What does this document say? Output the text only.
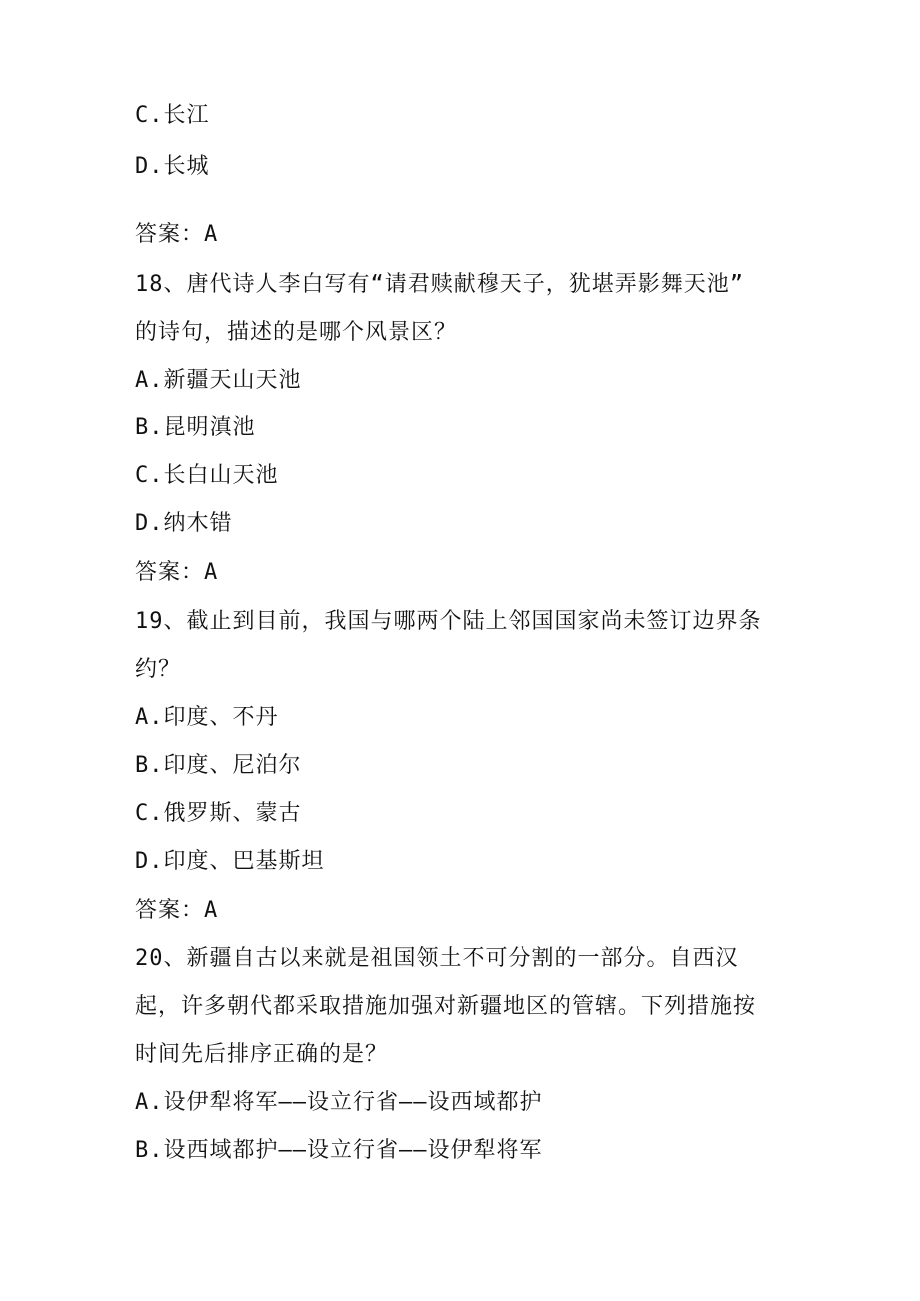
C.长江
D.长城
答案：A
18、唐代诗人李白写有“请君赎献穆天子，犹堪弄影舞天池”
的诗句，描述的是哪个风景区？
A.新疆天山天池
B.昆明滇池
C.长白山天池
D.纳木错
答案：A
19、截止到目前，我国与哪两个陆上邻国国家尚未签订边界条
约？
A.印度、不丹
B.印度、尼泊尔
C.俄罗斯、蒙古
D.印度、巴基斯坦
答案：A
20、新疆自古以来就是祖国领土不可分割的一部分。自西汉
起，许多朝代都采取措施加强对新疆地区的管辖。下列措施按
时间先后排序正确的是？
A.设伊犁将军——设立行省——设西域都护
B.设西域都护——设立行省——设伊犁将军
